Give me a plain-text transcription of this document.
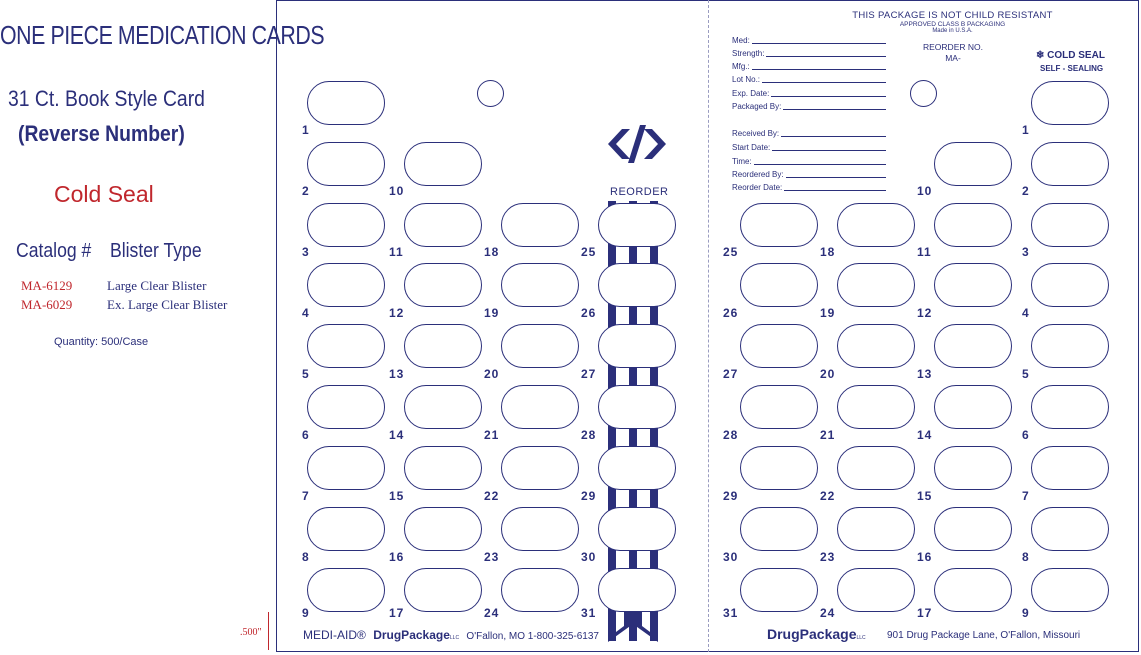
ONE PIECE MEDICATION CARDS
31 Ct. Book Style Card
(Reverse Number)
Cold Seal
Catalog # Blister Type
MA-6129	Large Clear Blister
MA-6029	Ex. Large Clear Blister
Quantity: 500/Case
.500"
REORDER
1
2
3
4
5
6
7
8
9
10
11
12
13
14
15
16
17
18
19
20
21
22
23
24
25
26
27
28
29
30
31
25
26
27
28
29
30
31
18
19
20
21
22
23
24
10
11
12
13
14
15
16
17
1
2
3
4
5
6
7
8
9
THIS PACKAGE IS NOT CHILD RESISTANT
APPROVED CLASS B PACKAGING
Made in U.S.A.
REORDER NO.
MA-	❄ COLD SEAL
SELF - SEALING
Med:
Strength:
Mfg.:
Lot No.:
Exp. Date:
Packaged By:
Received By:
Start Date:
Time:
Reordered By:
Reorder Date:
MEDI-AID® DrugPackageLLC O'Fallon, MO 1-800-325-6137	DrugPackageLLC 901 Drug Package Lane, O'Fallon, Missouri
